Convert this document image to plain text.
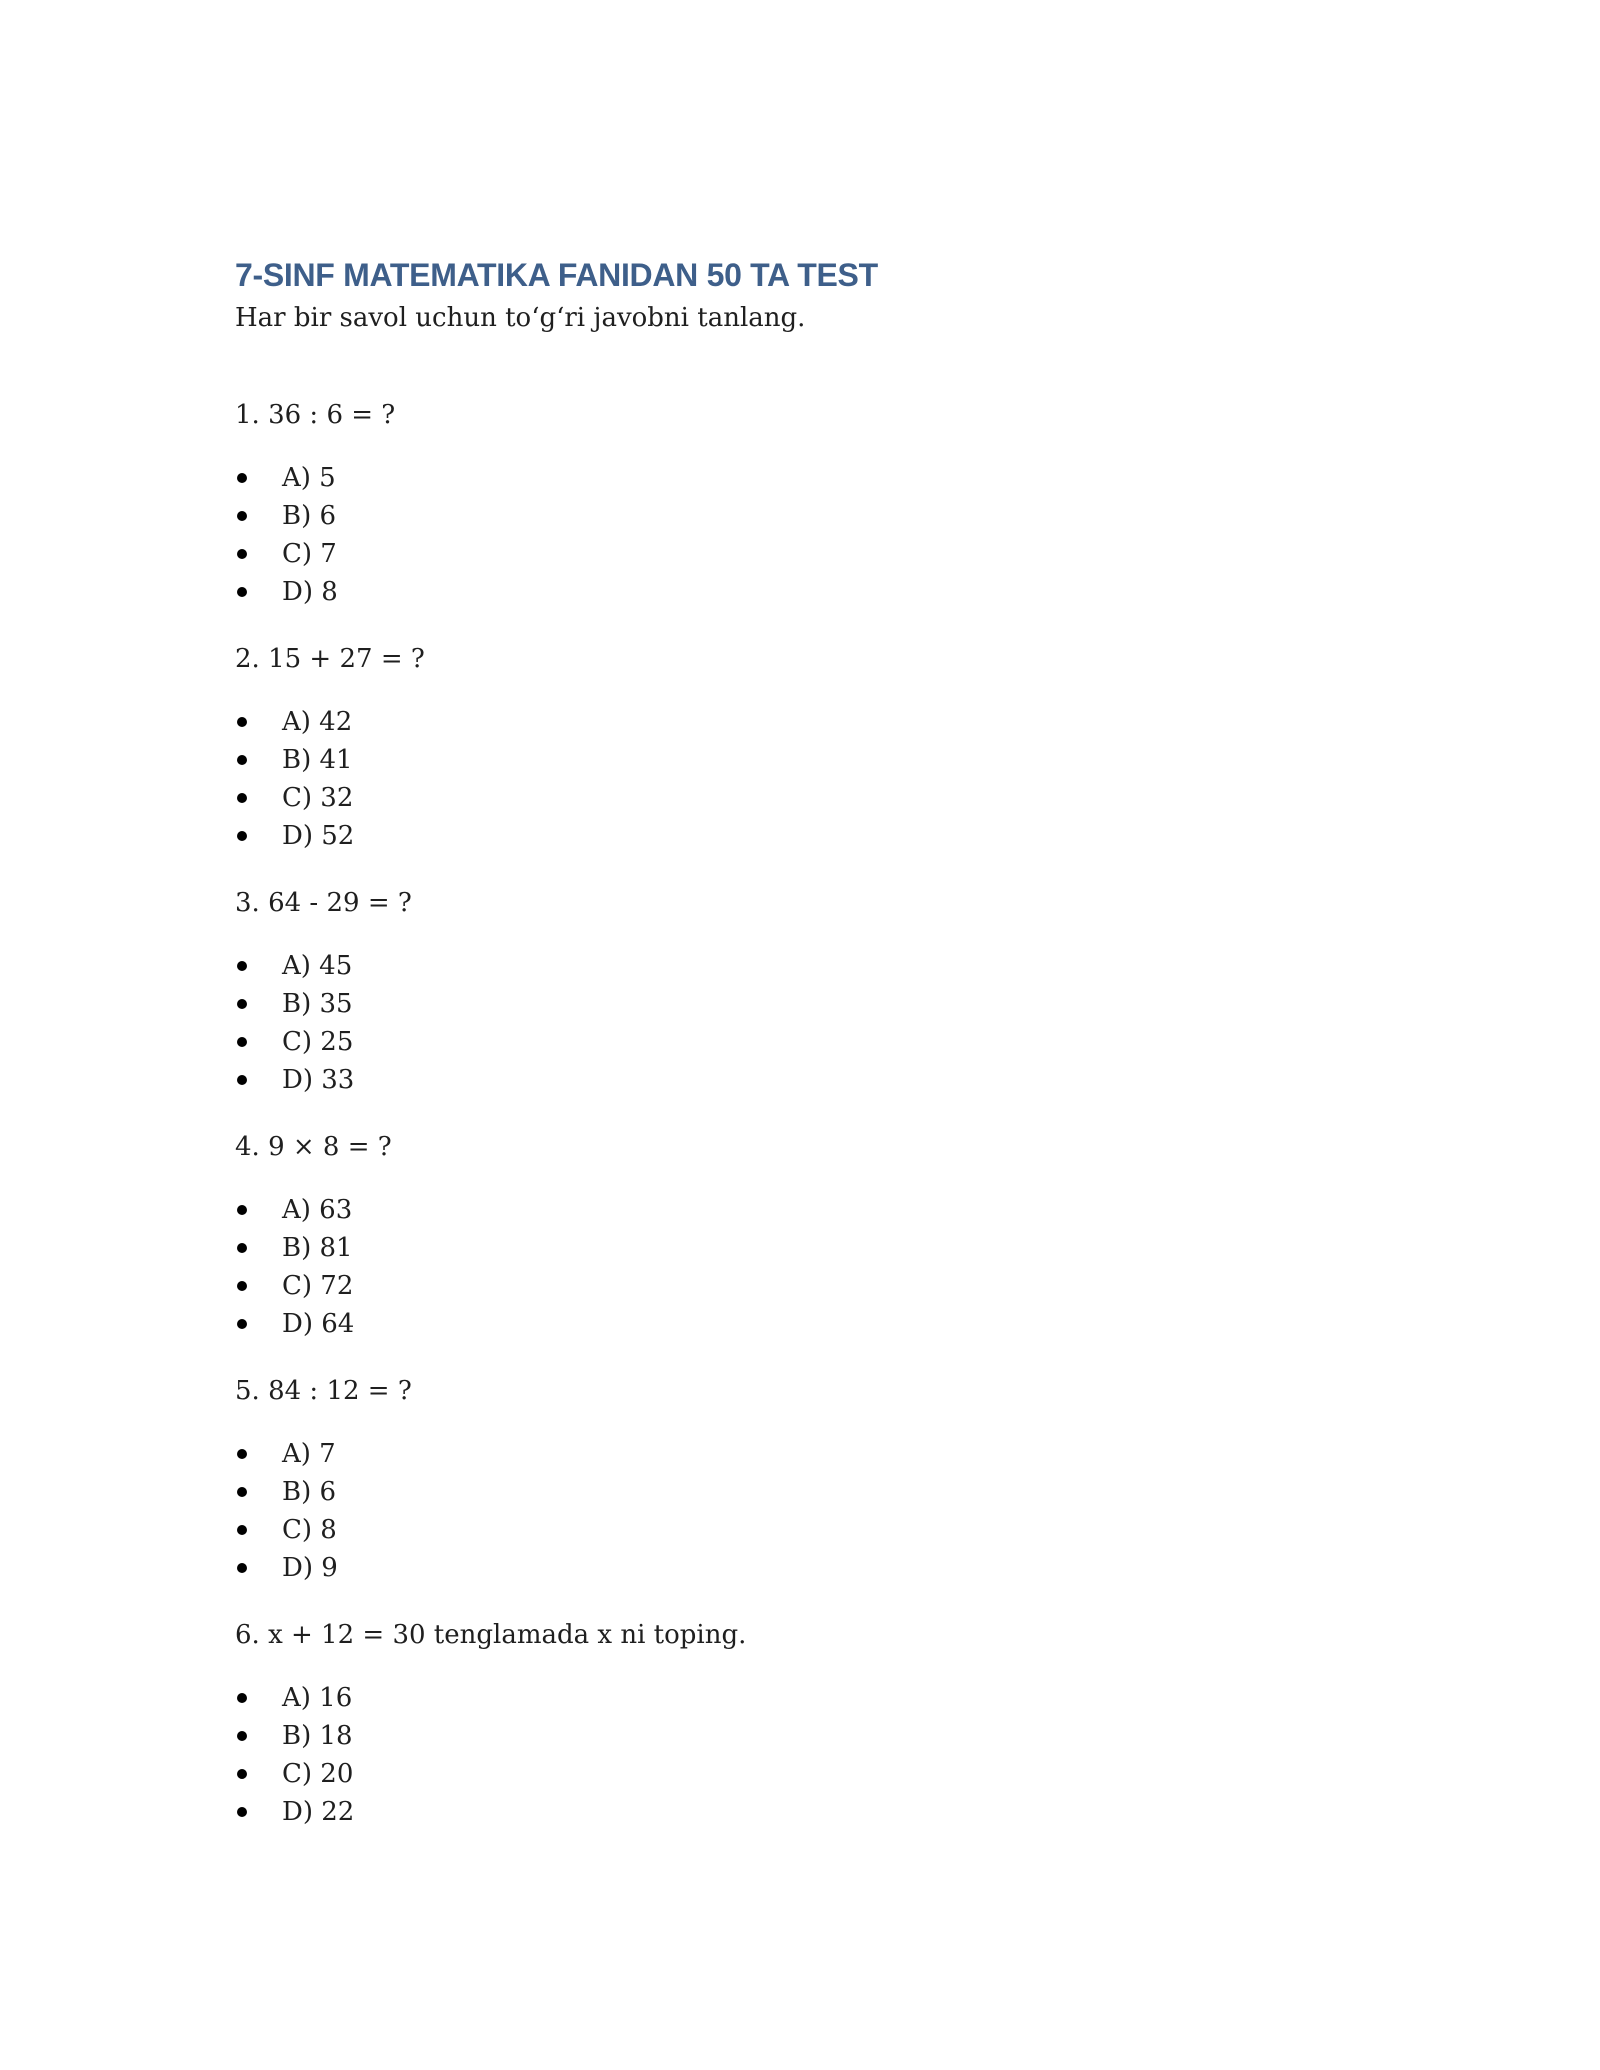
7-SINF MATEMATIKA FANIDAN 50 TA TEST

Har bir savol uchun to‘g‘ri javobni tanlang.

1. 36 : 6 = ?

A) 5
B) 6
C) 7
D) 8

2. 15 + 27 = ?

A) 42
B) 41
C) 32
D) 52

3. 64 - 29 = ?

A) 45
B) 35
C) 25
D) 33

4. 9 × 8 = ?

A) 63
B) 81
C) 72
D) 64

5. 84 : 12 = ?

A) 7
B) 6
C) 8
D) 9

6. x + 12 = 30 tenglamada x ni toping.

A) 16
B) 18
C) 20
D) 22
